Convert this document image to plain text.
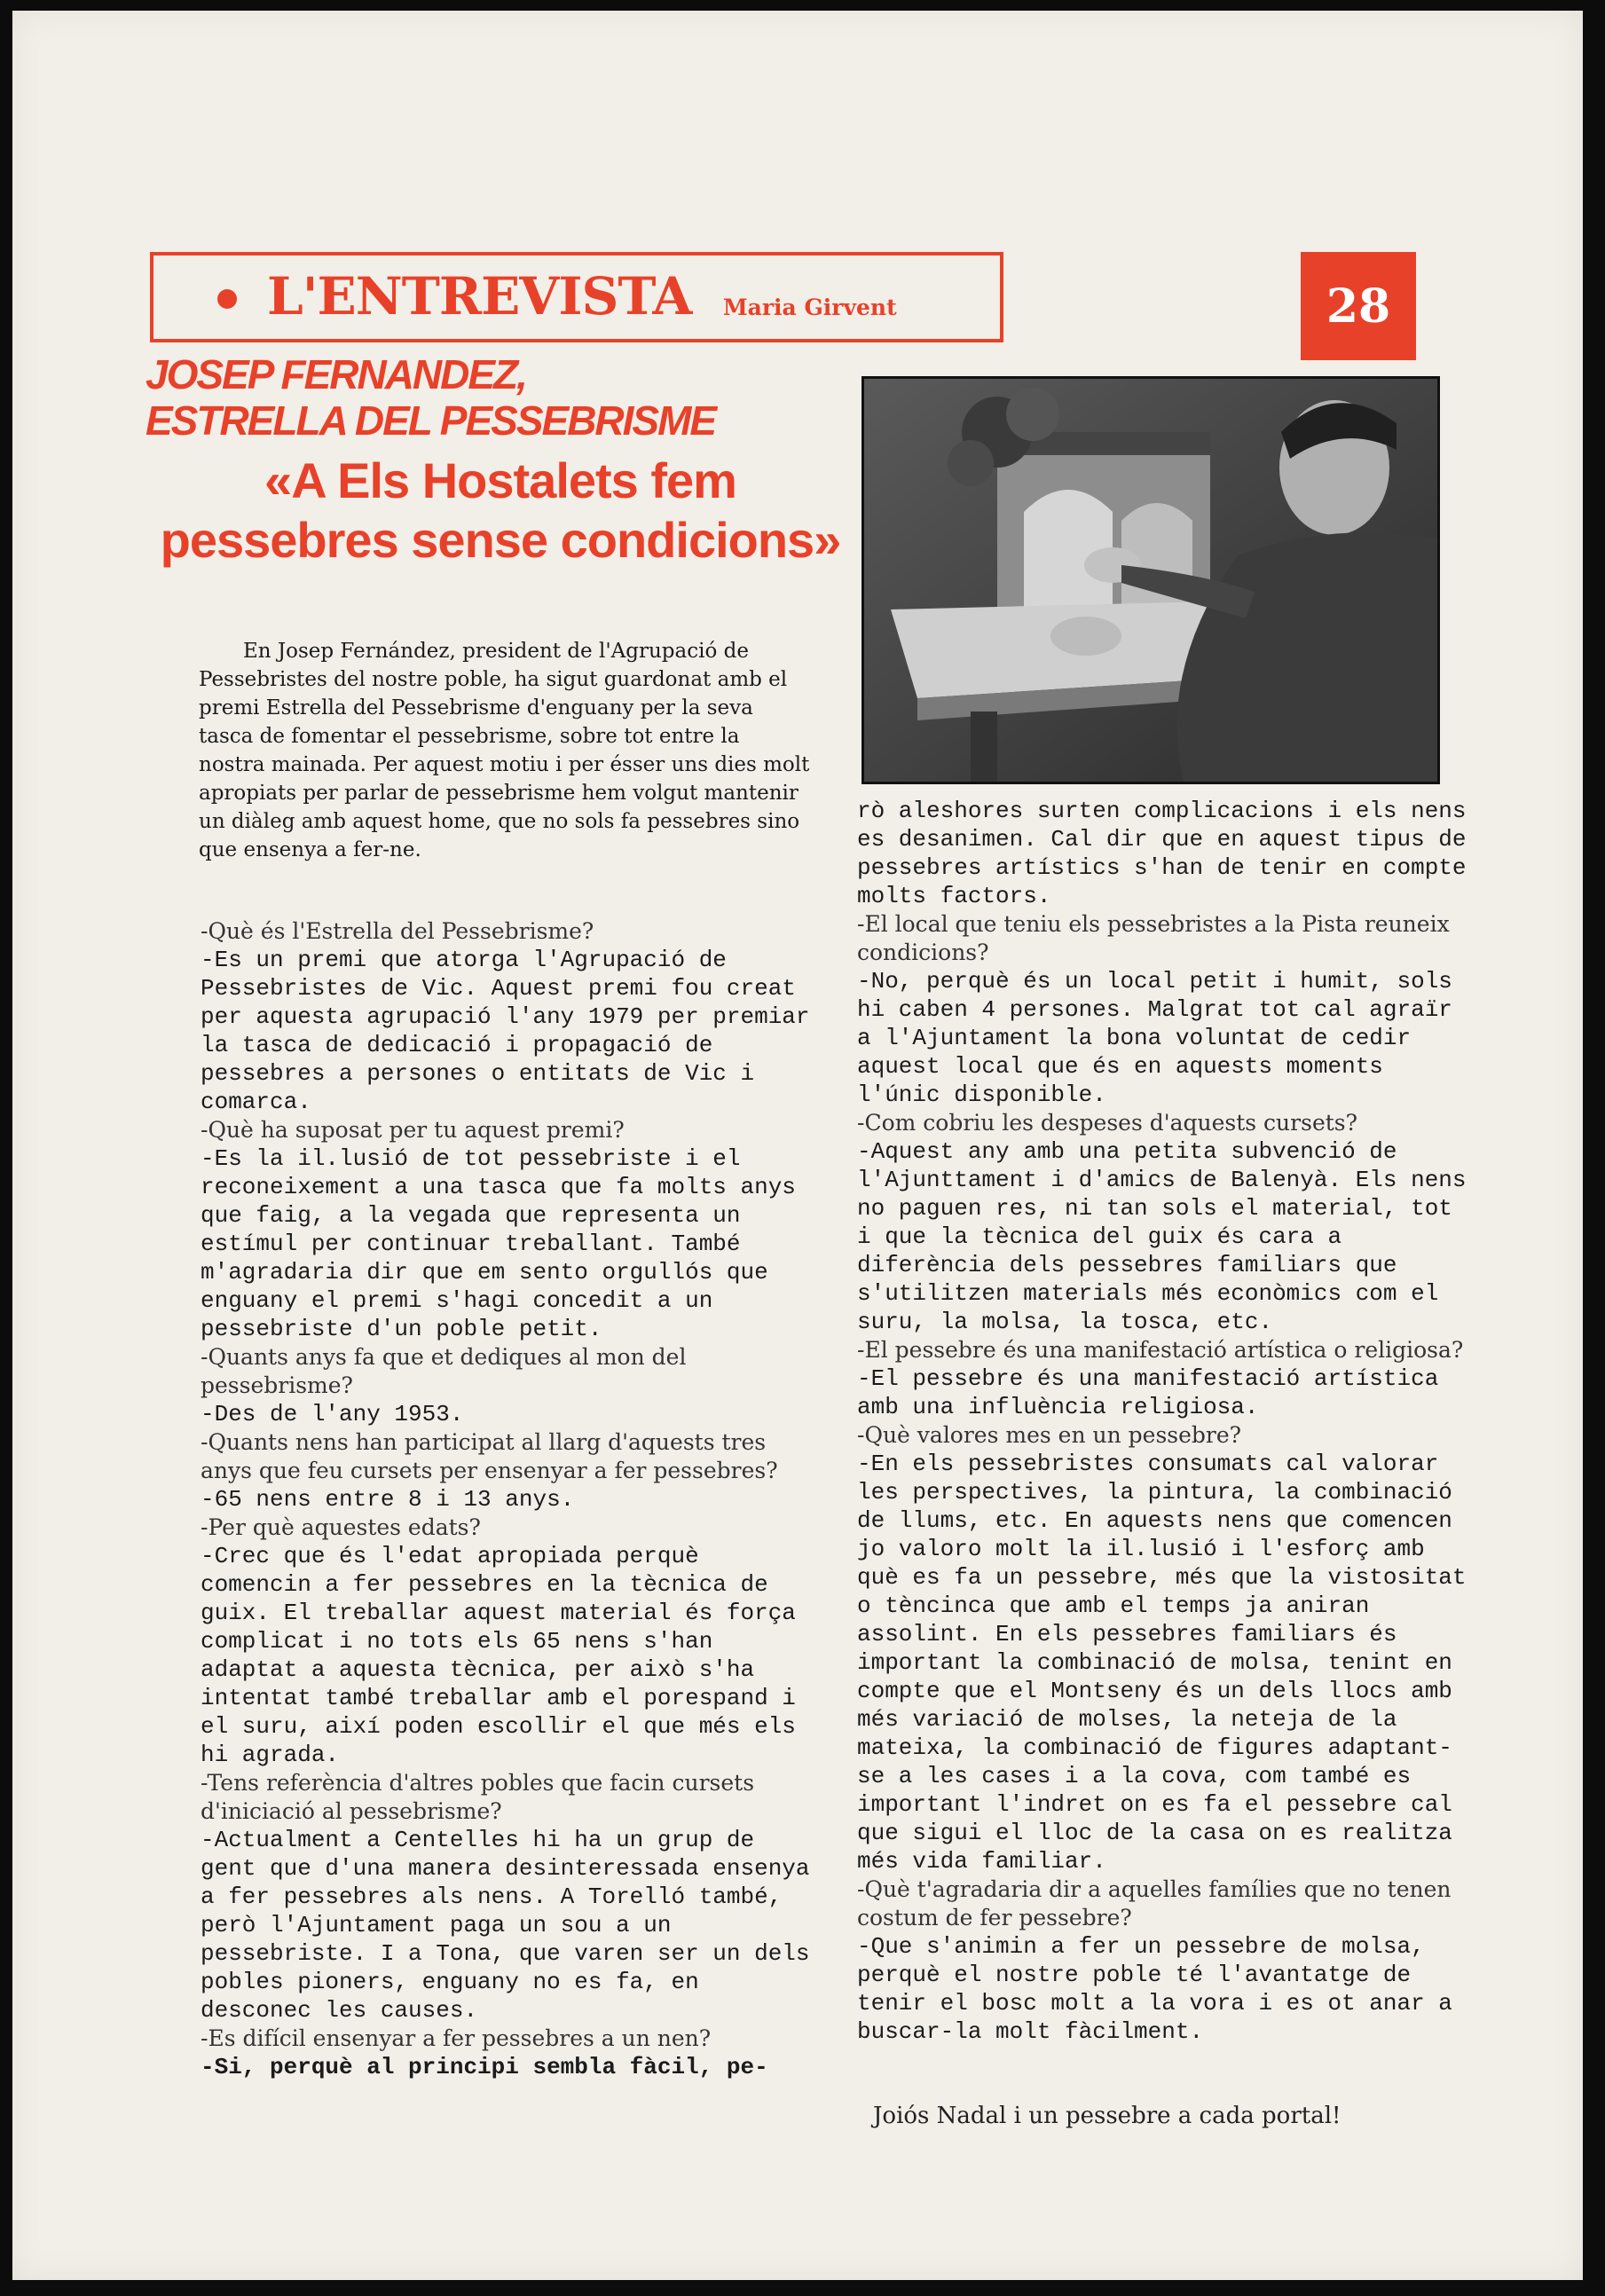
L'ENTREVISTA Maria Girvent	28
JOSEP FERNANDEZ,
ESTRELLA DEL PESSEBRISME
«A Els Hostalets fem pessebres sense condicions»
En Josep Fernández, president de l'Agrupació de Pessebristes del nostre poble, ha sigut guardonat amb el premi Estrella del Pessebrisme d'enguany per la seva tasca de fomentar el pessebrisme, sobre tot entre la nostra mainada. Per aquest motiu i per ésser uns dies molt apropiats per parlar de pessebrisme hem volgut mantenir un diàleg amb aquest home, que no sols fa pessebres sino que ensenya a fer-ne.
-Què és l'Estrella del Pessebrisme?
-Es un premi que atorga l'Agrupació de Pessebristes de Vic. Aquest premi fou creat per aquesta agrupació l'any 1979 per premiar la tasca de dedicació i propagació de pessebres a persones o entitats de Vic i comarca.
-Què ha suposat per tu aquest premi?
-Es la il.lusió de tot pessebriste i el reconeixement a una tasca que fa molts anys que faig, a la vegada que representa un estímul per continuar treballant. També m'agradaria dir que em sento orgullós que enguany el premi s'hagi concedit a un pessebriste d'un poble petit.
-Quants anys fa que et dediques al mon del pessebrisme?
-Des de l'any 1953.
-Quants nens han participat al llarg d'aquests tres anys que feu cursets per ensenyar a fer pessebres?
-65 nens entre 8 i 13 anys.
-Per què aquestes edats?
-Crec que és l'edat apropiada perquè comencin a fer pessebres en la tècnica de guix. El treballar aquest material és força complicat i no tots els 65 nens s'han adaptat a aquesta tècnica, per això s'ha intentat també treballar amb el porespand i el suru, així poden escollir el que més els hi agrada.
-Tens referència d'altres pobles que facin cursets d'iniciació al pessebrisme?
-Actualment a Centelles hi ha un grup de gent que d'una manera desinteressada ensenya a fer pessebres als nens. A Torelló també, però l'Ajuntament paga un sou a un pessebriste. I a Tona, que varen ser un dels pobles pioners, enguany no es fa, en desconec les causes.
-Es difícil ensenyar a fer pessebres a un nen?
-Si, perquè al principi sembla fàcil, pe-
rò aleshores surten complicacions i els nens es desanimen. Cal dir que en aquest tipus de pessebres artístics s'han de tenir en compte molts factors.
-El local que teniu els pessebristes a la Pista reuneix condicions?
-No, perquè és un local petit i humit, sols hi caben 4 persones. Malgrat tot cal agraïr a l'Ajuntament la bona voluntat de cedir aquest local que és en aquests moments l'únic disponible.
-Com cobriu les despeses d'aquests cursets?
-Aquest any amb una petita subvenció de l'Ajunttament i d'amics de Balenyà. Els nens no paguen res, ni tan sols el material, tot i que la tècnica del guix és cara a diferència dels pessebres familiars que s'utilitzen materials més econòmics com el suru, la molsa, la tosca, etc.
-El pessebre és una manifestació artística o religiosa?
-El pessebre és una manifestació artística amb una influència religiosa.
-Què valores mes en un pessebre?
-En els pessebristes consumats cal valorar les perspectives, la pintura, la combinació de llums, etc. En aquests nens que comencen jo valoro molt la il.lusió i l'esforç amb què es fa un pessebre, més que la vistositat o tèncinca que amb el temps ja aniran assolint. En els pessebres familiars és important la combinació de molsa, tenint en compte que el Montseny és un dels llocs amb més variació de molses, la neteja de la mateixa, la combinació de figures adaptant-se a les cases i a la cova, com també es important l'indret on es fa el pessebre cal que sigui el lloc de la casa on es realitza més vida familiar.
-Què t'agradaria dir a aquelles famílies que no tenen costum de fer pessebre?
-Que s'animin a fer un pessebre de molsa, perquè el nostre poble té l'avantatge de tenir el bosc molt a la vora i es ot anar a buscar-la molt fàcilment.
Joiós Nadal i un pessebre a cada portal!
